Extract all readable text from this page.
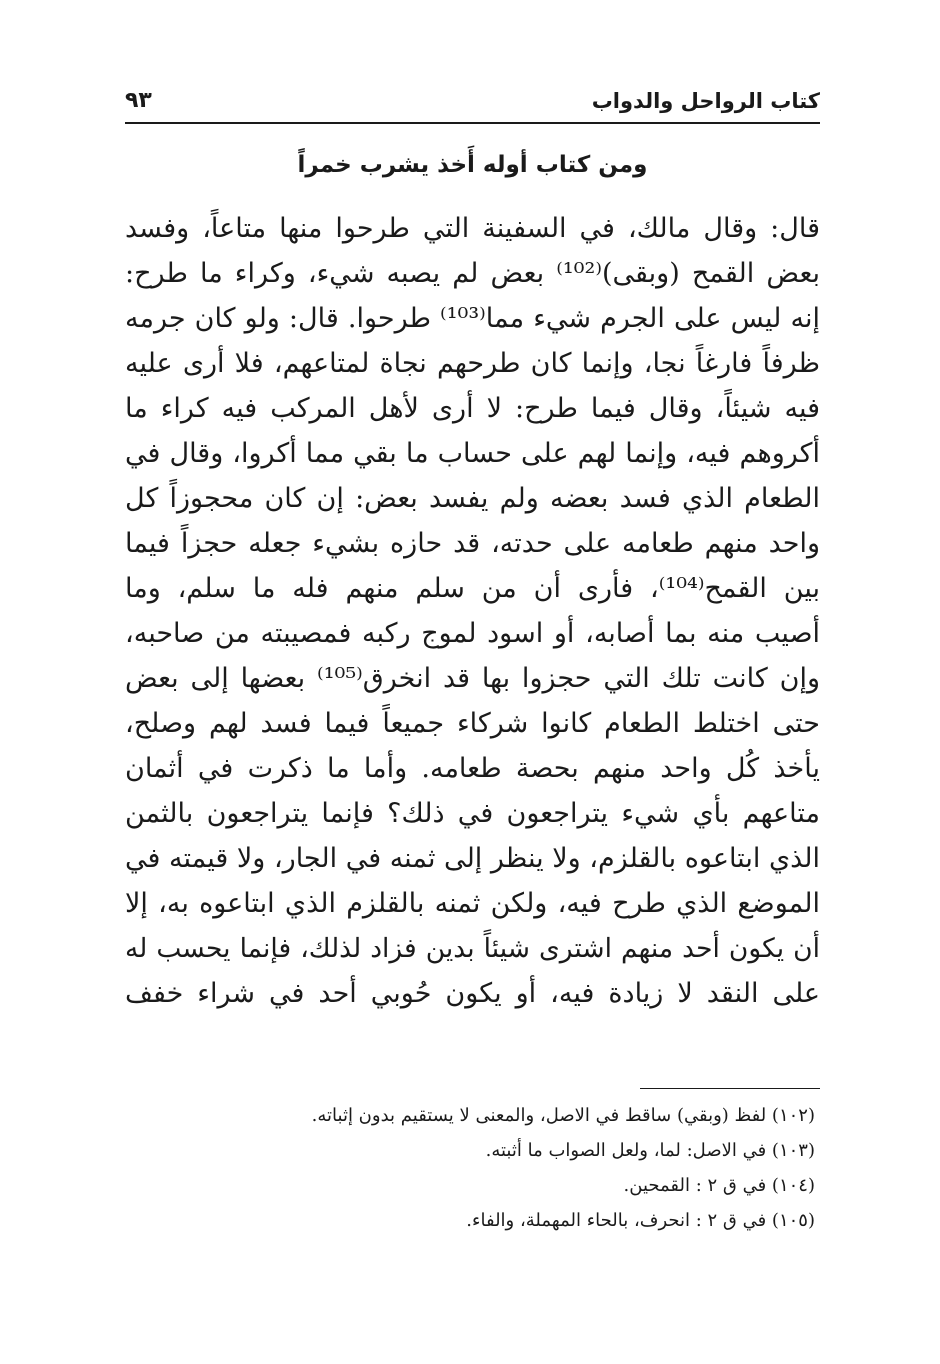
كتاب الرواحل والدواب
٩٣
ومن كتاب أوله أَخذ يشرب خمراً
قال: وقال مالك، في السفينة التي طرحوا منها متاعاً، وفسد
بعض القمح (وبقى)⁽¹⁰²⁾ بعض لم يصبه شيء، وكراء ما طرح:
إنه ليس على الجرم شيء مما⁽¹⁰³⁾ طرحوا. قال: ولو كان جرمه
ظرفاً فارغاً نجا، وإنما كان طرحهم نجاة لمتاعهم، فلا أرى عليه
فيه شيئاً، وقال فيما طرح: لا أرى لأهل المركب فيه كراء ما
أكروهم فيه، وإنما لهم على حساب ما بقي مما أكروا، وقال في
الطعام الذي فسد بعضه ولم يفسد بعض: إن كان محجوزاً كل
واحد منهم طعامه على حدته، قد حازه بشيء جعله حجزاً فيما
بين القمح⁽¹⁰⁴⁾، فأرى أن من سلم منهم فله ما سلم، وما
أصيب منه بما أصابه، أو اسود لموج ركبه فمصيبته من صاحبه،
وإن كانت تلك التي حجزوا بها قد انخرق⁽¹⁰⁵⁾ بعضها إلى بعض
حتى اختلط الطعام كانوا شركاء جميعاً فيما فسد لهم وصلح،
يأخذ كُل واحد منهم بحصة طعامه. وأما ما ذكرت في أثمان
متاعهم بأي شيء يتراجعون في ذلك؟ فإنما يتراجعون بالثمن
الذي ابتاعوه بالقلزم، ولا ينظر إلى ثمنه في الجار، ولا قيمته في
الموضع الذي طرح فيه، ولكن ثمنه بالقلزم الذي ابتاعوه به، إلا
أن يكون أحد منهم اشترى شيئاً بدين فزاد لذلك، فإنما يحسب له
على النقد لا زيادة فيه، أو يكون حُوبي أحد في شراء خفف
(١٠٢) لفظ (وبقي) ساقط في الاصل، والمعنى لا يستقيم بدون إثباته.
(١٠٣) في الاصل: لما، ولعل الصواب ما أثبته.
(١٠٤) في ق ٢ : القمحين.
(١٠٥) في ق ٢ : انحرف، بالحاء المهملة، والفاء.
